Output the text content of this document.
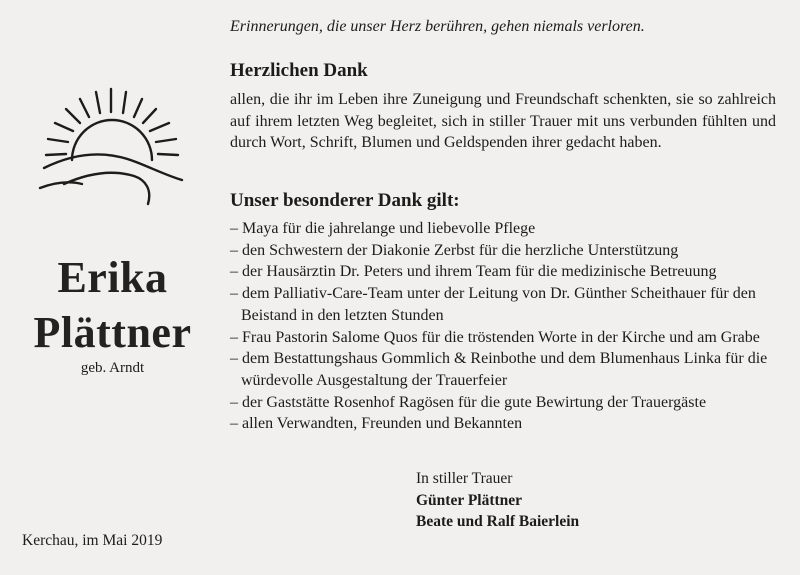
Erika
Plättner
geb. Arndt
Kerchau, im Mai 2019
Erinnerungen, die unser Herz berühren, gehen niemals verloren.
Herzlichen Dank
allen, die ihr im Leben ihre Zuneigung und Freundschaft schenkten, sie so zahlreich auf ihrem letzten Weg begleitet, sich in stiller Trauer mit uns verbunden fühlten und durch Wort, Schrift, Blumen und Geldspenden ihrer gedacht haben.
Unser besonderer Dank gilt:
– Maya für die jahrelange und liebevolle Pflege
– den Schwestern der Diakonie Zerbst für die herzliche Unterstützung
– der Hausärztin Dr. Peters und ihrem Team für die medizinische Betreuung
– dem Palliativ-Care-Team unter der Leitung von Dr. Günther Scheithauer für den Beistand in den letzten Stunden
– Frau Pastorin Salome Quos für die tröstenden Worte in der Kirche und am Grabe
– dem Bestattungshaus Gommlich & Reinbothe und dem Blumenhaus Linka für die würdevolle Ausgestaltung der Trauerfeier
– der Gaststätte Rosenhof Ragösen für die gute Bewirtung der Trauergäste
– allen Verwandten, Freunden und Bekannten
In stiller Trauer
Günter Plättner
Beate und Ralf Baierlein
